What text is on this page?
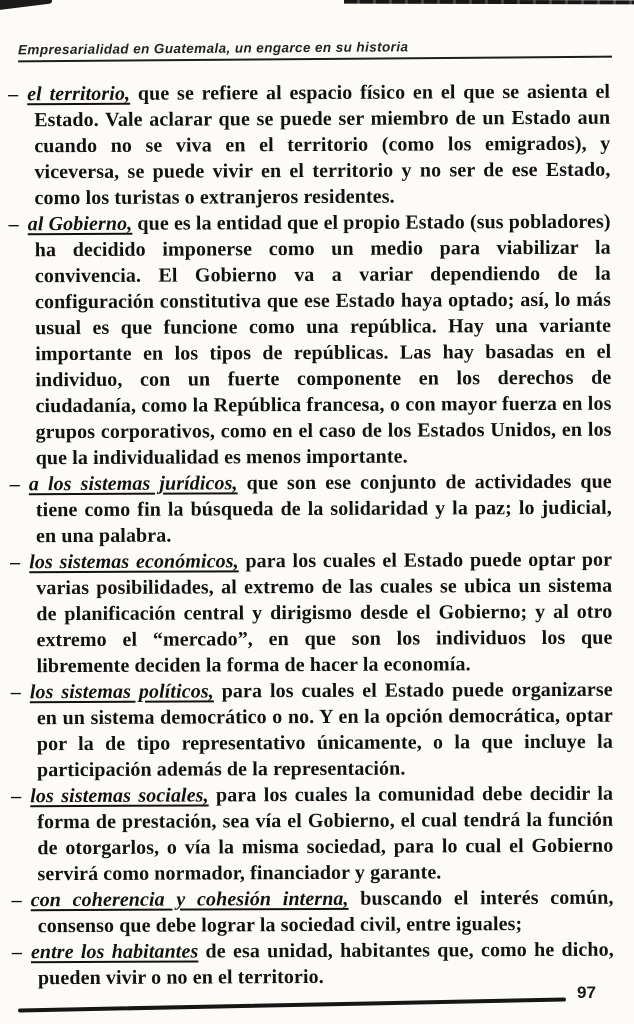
Empresarialidad en Guatemala, un engarce en su historia
– el territorio, que se refiere al espacio físico en el que se asienta el Estado. Vale aclarar que se puede ser miembro de un Estado aun cuando no se viva en el territorio (como los emigrados), y viceversa, se puede vivir en el territorio y no ser de ese Estado, como los turistas o extranjeros residentes.
– al Gobierno, que es la entidad que el propio Estado (sus pobladores) ha decidido imponerse como un medio para viabilizar la convivencia. El Gobierno va a variar dependiendo de la configuración constitutiva que ese Estado haya optado; así, lo más usual es que funcione como una república. Hay una variante importante en los tipos de repúblicas. Las hay basadas en el individuo, con un fuerte componente en los derechos de ciudadanía, como la República francesa, o con mayor fuerza en los grupos corporativos, como en el caso de los Estados Unidos, en los que la individualidad es menos importante.
– a los sistemas jurídicos, que son ese conjunto de actividades que tiene como fin la búsqueda de la solidaridad y la paz; lo judicial, en una palabra.
– los sistemas económicos, para los cuales el Estado puede optar por varias posibilidades, al extremo de las cuales se ubica un sistema de planificación central y dirigismo desde el Gobierno; y al otro extremo el “mercado”, en que son los individuos los que libremente deciden la forma de hacer la economía.
– los sistemas políticos, para los cuales el Estado puede organizarse en un sistema democrático o no. Y en la opción democrática, optar por la de tipo representativo únicamente, o la que incluye la participación además de la representación.
– los sistemas sociales, para los cuales la comunidad debe decidir la forma de prestación, sea vía el Gobierno, el cual tendrá la función de otorgarlos, o vía la misma sociedad, para lo cual el Gobierno servirá como normador, financiador y garante.
– con coherencia y cohesión interna, buscando el interés común, consenso que debe lograr la sociedad civil, entre iguales;
– entre los habitantes de esa unidad, habitantes que, como he dicho, pueden vivir o no en el territorio.
97
